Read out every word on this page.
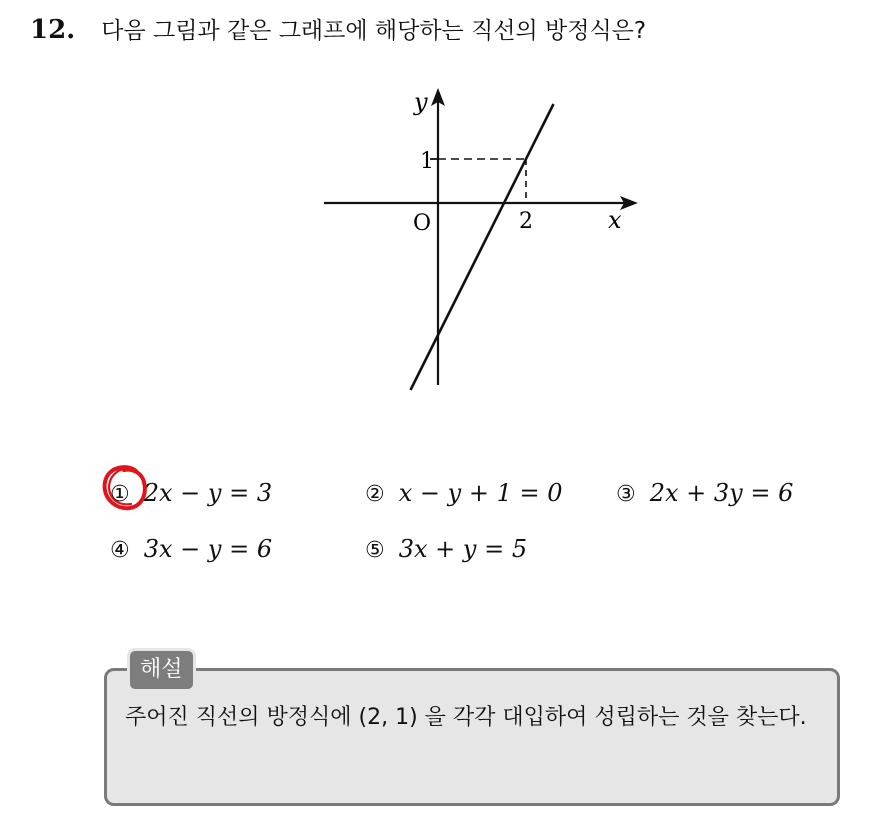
12. 다음 그림과 같은 그래프에 해당하는 직선의 방정식은?
y
x
O
1
2
① 2x − y = 3	② x − y + 1 = 0 ③ 2x + 3y = 6
④ 3x − y = 6	⑤ 3x + y = 5
해설
주어진 직선의 방정식에 (2, 1) 을 각각 대입하여 성립하는 것을 찾는다.
